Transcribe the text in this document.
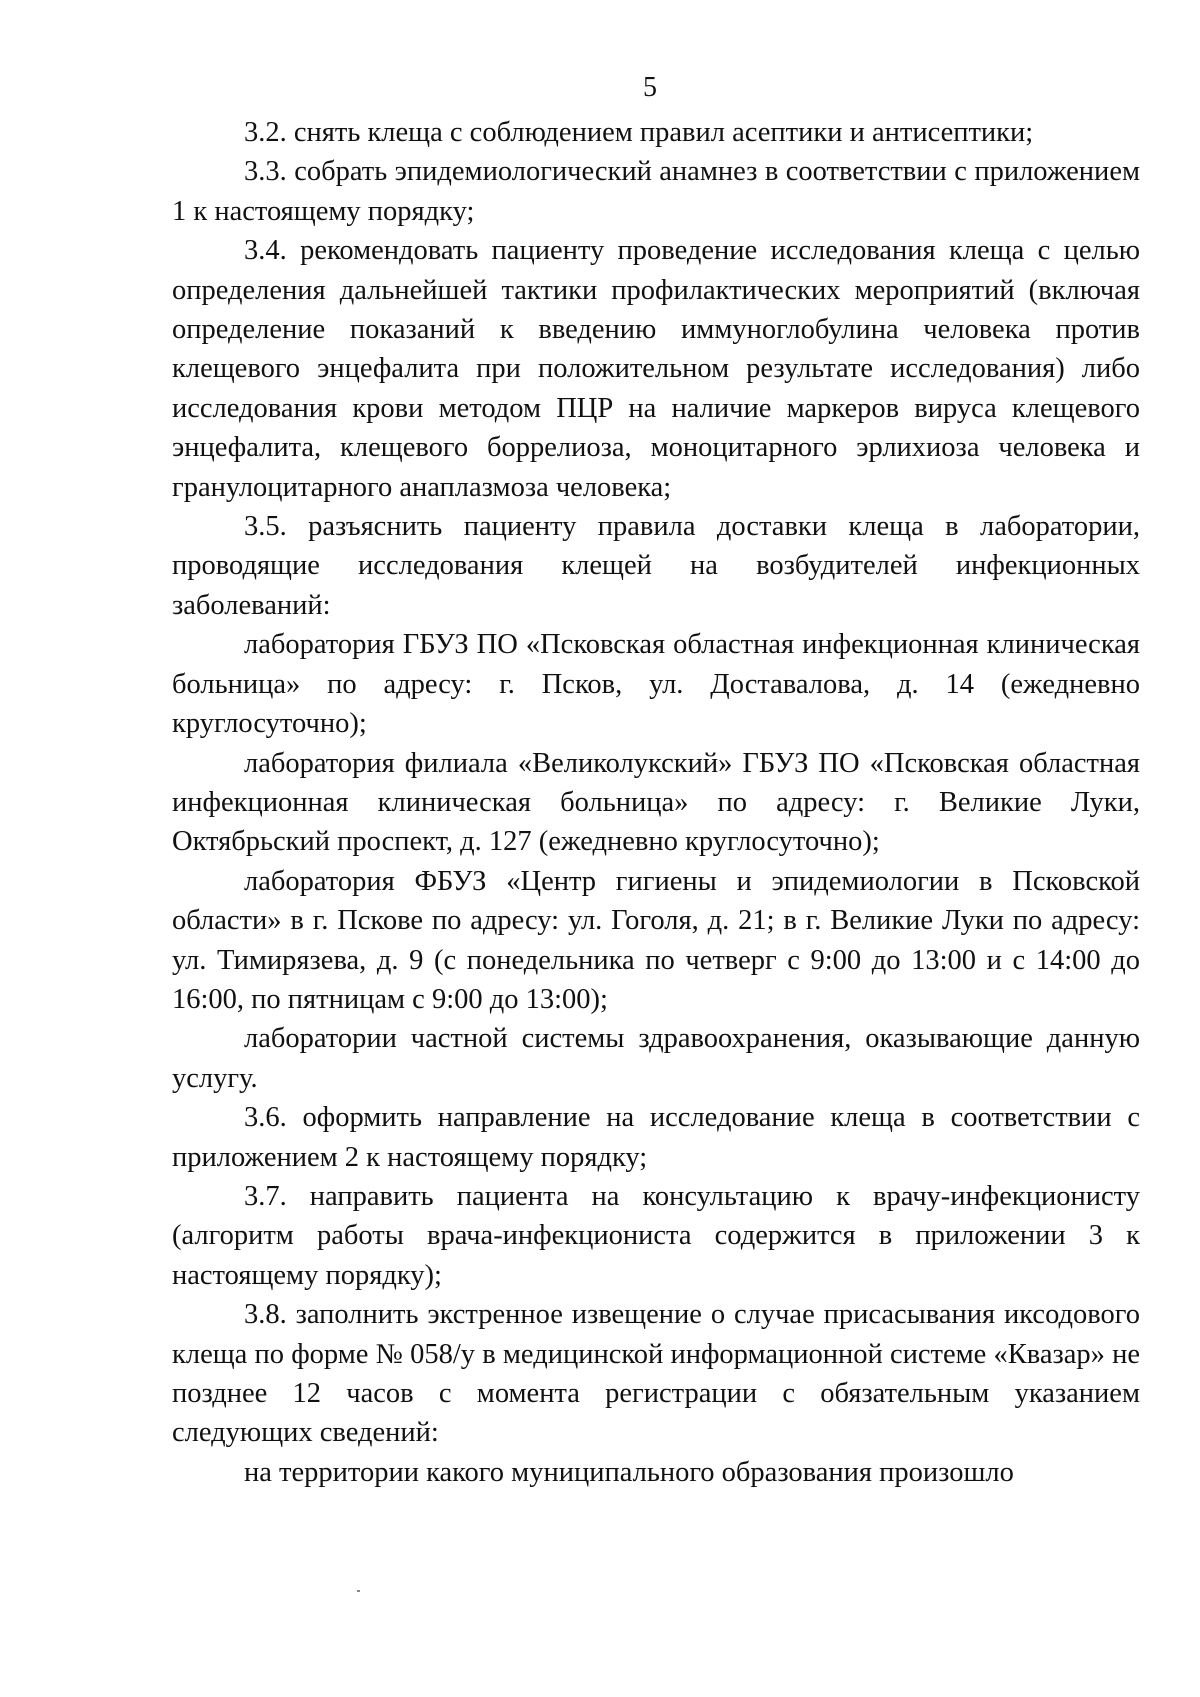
5

3.2. снять клеща с соблюдением правил асептики и антисептики;

3.3. собрать эпидемиологический анамнез в соответствии с приложением 1 к настоящему порядку;

3.4. рекомендовать пациенту проведение исследования клеща с целью определения дальнейшей тактики профилактических мероприятий (включая определение показаний к введению иммуноглобулина человека против клещевого энцефалита при положительном результате исследования) либо исследования крови методом ПЦР на наличие маркеров вируса клещевого энцефалита, клещевого боррелиоза, моноцитарного эрлихиоза человека и гранулоцитарного анаплазмоза человека;

3.5. разъяснить пациенту правила доставки клеща в лаборатории, проводящие исследования клещей на возбудителей инфекционных заболеваний:

лаборатория ГБУЗ ПО «Псковская областная инфекционная клиническая больница» по адресу: г. Псков, ул. Доставалова, д. 14 (ежедневно круглосуточно);

лаборатория филиала «Великолукский» ГБУЗ ПО «Псковская областная инфекционная клиническая больница» по адресу: г. Великие Луки, Октябрьский проспект, д. 127 (ежедневно круглосуточно);

лаборатория ФБУЗ «Центр гигиены и эпидемиологии в Псковской области» в г. Пскове по адресу: ул. Гоголя, д. 21; в г. Великие Луки по адресу: ул. Тимирязева, д. 9 (с понедельника по четверг с 9:00 до 13:00 и с 14:00 до 16:00, по пятницам с 9:00 до 13:00);

лаборатории частной системы здравоохранения, оказывающие данную услугу.

3.6. оформить направление на исследование клеща в соответствии с приложением 2 к настоящему порядку;

3.7. направить пациента на консультацию к врачу-инфекционисту (алгоритм работы врача-инфекциониста содержится в приложении 3 к настоящему порядку);

3.8. заполнить экстренное извещение о случае присасывания иксодового клеща по форме № 058/у в медицинской информационной системе «Квазар» не позднее 12 часов с момента регистрации с обязательным указанием следующих сведений:

на территории какого муниципального образования произошло
